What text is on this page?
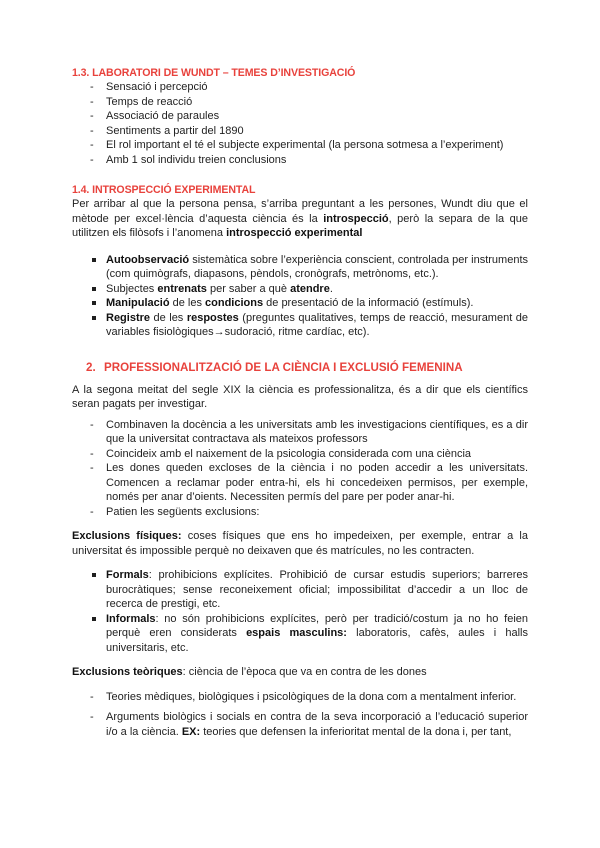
1.3. LABORATORI DE WUNDT – TEMES D’INVESTIGACIÓ
- Sensació i percepció
- Temps de reacció
- Associació de paraules
- Sentiments a partir del 1890
- El rol important el té el subjecte experimental (la persona sotmesa a l’experiment)
- Amb 1 sol individu treien conclusions
1.4. INTROSPECCIÓ EXPERIMENTAL

Per arribar al que la persona pensa, s’arriba preguntant a les persones, Wundt diu que el mètode per excel·lència d’aquesta ciència és la introspecció, però la separa de la que utilitzen els filòsofs i l’anomena introspecció experimental

Autoobservació sistemàtica sobre l’experiència conscient, controlada per instruments (com quimògrafs, diapasons, pèndols, cronògrafs, metrònoms, etc.).
Subjectes entrenats per saber a què atendre.
Manipulació de les condicions de presentació de la informació (estímuls).
Registre de les respostes (preguntes qualitatives, temps de reacció, mesurament de variables fisiològiques→sudoració, ritme cardíac, etc).
2. PROFESSIONALITZACIÓ DE LA CIÈNCIA I EXCLUSIÓ FEMENINA

A la segona meitat del segle XIX la ciència es professionalitza, és a dir que els científics seran pagats per investigar.

- Combinaven la docència a les universitats amb les investigacions científiques, es a dir que la universitat contractava als mateixos professors
- Coincideix amb el naixement de la psicologia considerada com una ciència
- Les dones queden excloses de la ciència i no poden accedir a les universitats. Comencen a reclamar poder entra-hi, els hi concedeixen permisos, per exemple, només per anar d’oients. Necessiten permís del pare per poder anar-hi.
- Patien les següents exclusions:

Exclusions físiques: coses físiques que ens ho impedeixen, per exemple, entrar a la universitat és impossible perquè no deixaven que és matrícules, no les contracten.

Formals: prohibicions explícites. Prohibició de cursar estudis superiors; barreres burocràtiques; sense reconeixement oficial; impossibilitat d’accedir a un lloc de recerca de prestigi, etc.
Informals: no són prohibicions explícites, però per tradició/costum ja no ho feien perquè eren considerats espais masculins: laboratoris, cafès, aules i halls universitaris, etc.

Exclusions teòriques: ciència de l’època que va en contra de les dones

- Teories mèdiques, biològiques i psicològiques de la dona com a mentalment inferior.
- Arguments biològics i socials en contra de la seva incorporació a l’educació superior i/o a la ciència. EX: teories que defensen la inferioritat mental de la dona i, per tant,
